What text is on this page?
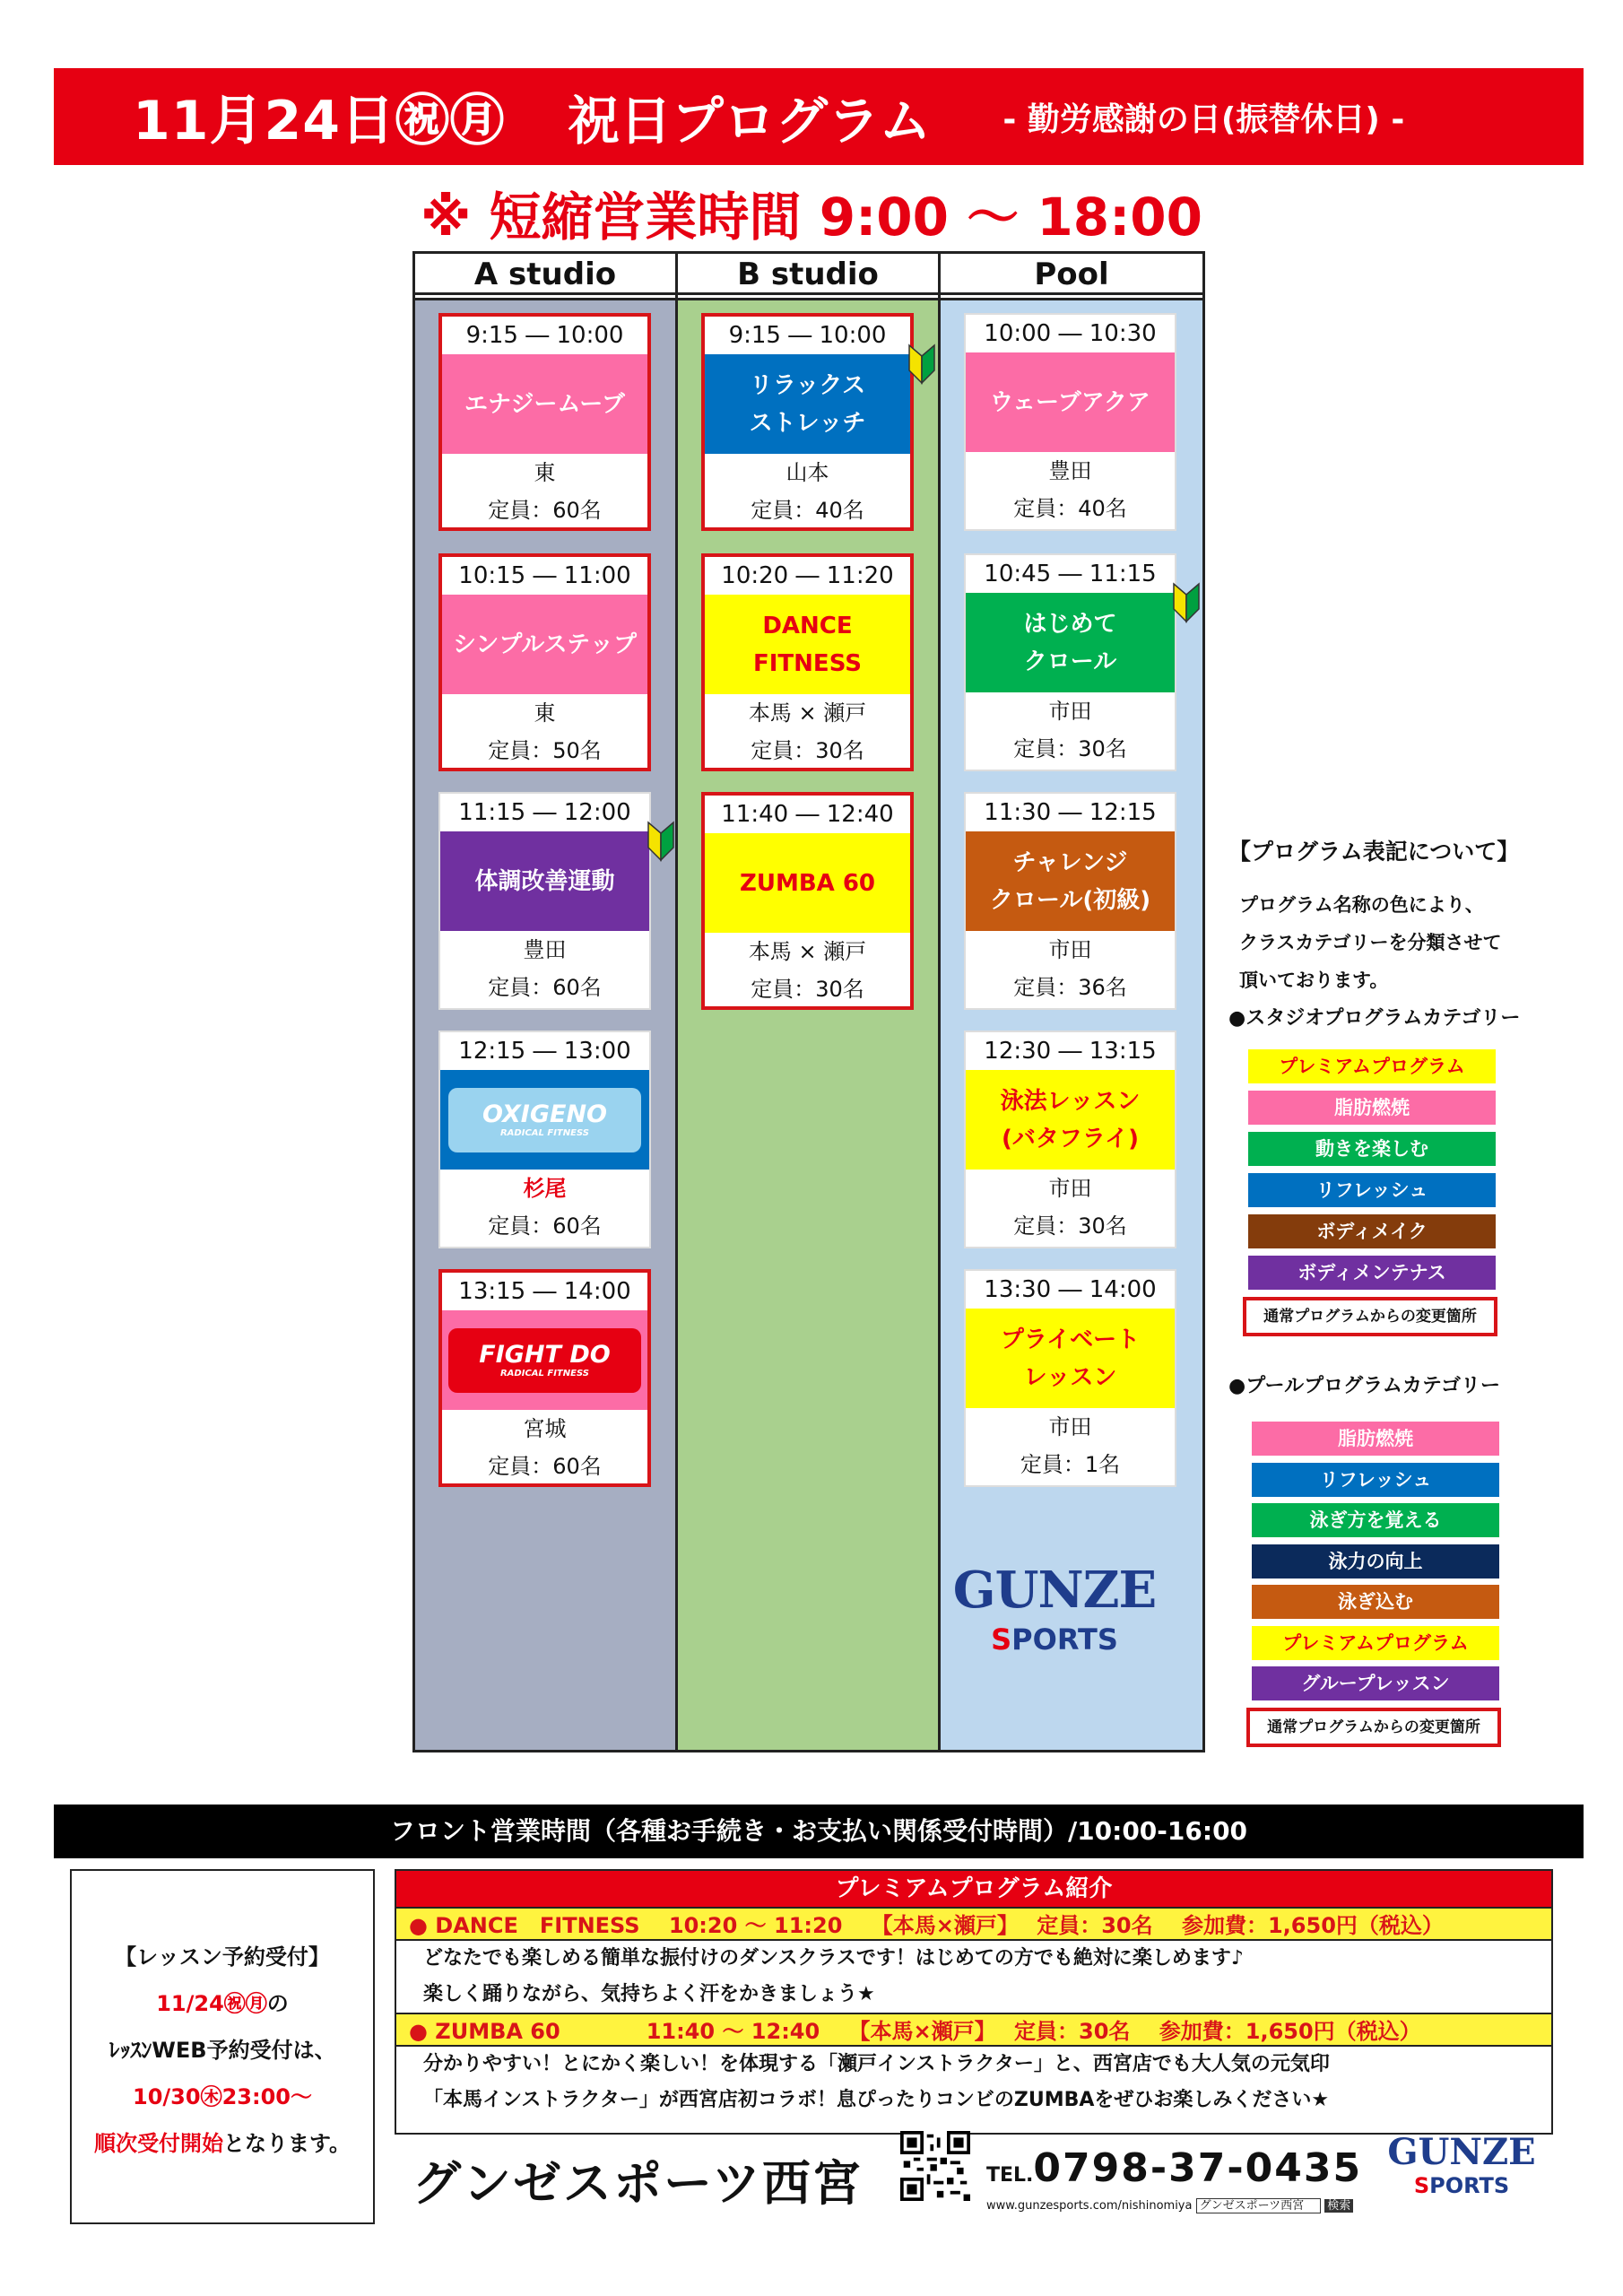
11月24日㊗㊊ 祝日プログラム - 勤労感謝の日(振替休日) -
※ 短縮営業時間 9:00 ～ 18:00
A studio
9:15 ― 10:00
エナジームーブ
東
定員：60名
10:15 ― 11:00
シンプルステップ
東
定員：50名
11:15 ― 12:00
体調改善運動
豊田
定員：60名
12:15 ― 13:00
OXIGENO
RADICAL FITNESS
杉尾
定員：60名
13:15 ― 14:00
FIGHT DO
RADICAL FITNESS
宮城
定員：60名
B studio
9:15 ― 10:00
リラックス
ストレッチ
山本
定員：40名
10:20 ― 11:20
DANCE
FITNESS
本馬 × 瀬戸
定員：30名
11:40 ― 12:40
ZUMBA 60
本馬 × 瀬戸
定員：30名
Pool
10:00 ― 10:30
ウェーブアクア
豊田
定員：40名
10:45 ― 11:15
はじめて
クロール
市田
定員：30名
11:30 ― 12:15
チャレンジ
クロール(初級)
市田
定員：36名
12:30 ― 13:15
泳法レッスン
(バタフライ)
市田
定員：30名
13:30 ― 14:00
プライベート
レッスン
市田
定員：1名
【プログラム表記について】
プログラム名称の色により、
クラスカテゴリーを分類させて
頂いております。
●スタジオプログラムカテゴリー
プレミアムプログラム
脂肪燃焼
動きを楽しむ
リフレッシュ
ボディメイク
ボディメンテナス
通常プログラムからの変更箇所
●プールプログラムカテゴリー
脂肪燃焼
リフレッシュ
泳ぎ方を覚える
泳力の向上
泳ぎ込む
プレミアムプログラム
グループレッスン
通常プログラムからの変更箇所
GUNZE
SPORTS
フロント営業時間（各種お手続き・お支払い関係受付時間）/10:00-16:00

【レッスン予約受付】

11/24㊗㊊の

ﾚｯｽﾝWEB予約受付は、

10/30㊍23:00～

順次受付開始となります。

プレミアムプログラム紹介
● DANCE　FITNESS　 10:20 ～ 11:20　 【本馬×瀬戸】　 定員：30名　 参加費：1,650円（税込）
どなたでも楽しめる簡単な振付けのダンスクラスです！はじめての方でも絶対に楽しめます♪
楽しく踊りながら、気持ちよく汗をかきましょう★
● ZUMBA 60　　　　11:40 ～ 12:40　 【本馬×瀬戸】　 定員：30名　 参加費：1,650円（税込）
分かりやすい！とにかく楽しい！を体現する「瀬戸インストラクター」と、西宮店でも大人気の元気印
「本馬インストラクター」が西宮店初コラボ！息ぴったりコンビのZUMBAをぜひお楽しみください★
グンゼスポーツ西宮	TEL.0798-37-0435
www.gunzesports.com/nishinomiya グンゼスポーツ西宮 検索
GUNZE
SPORTS
